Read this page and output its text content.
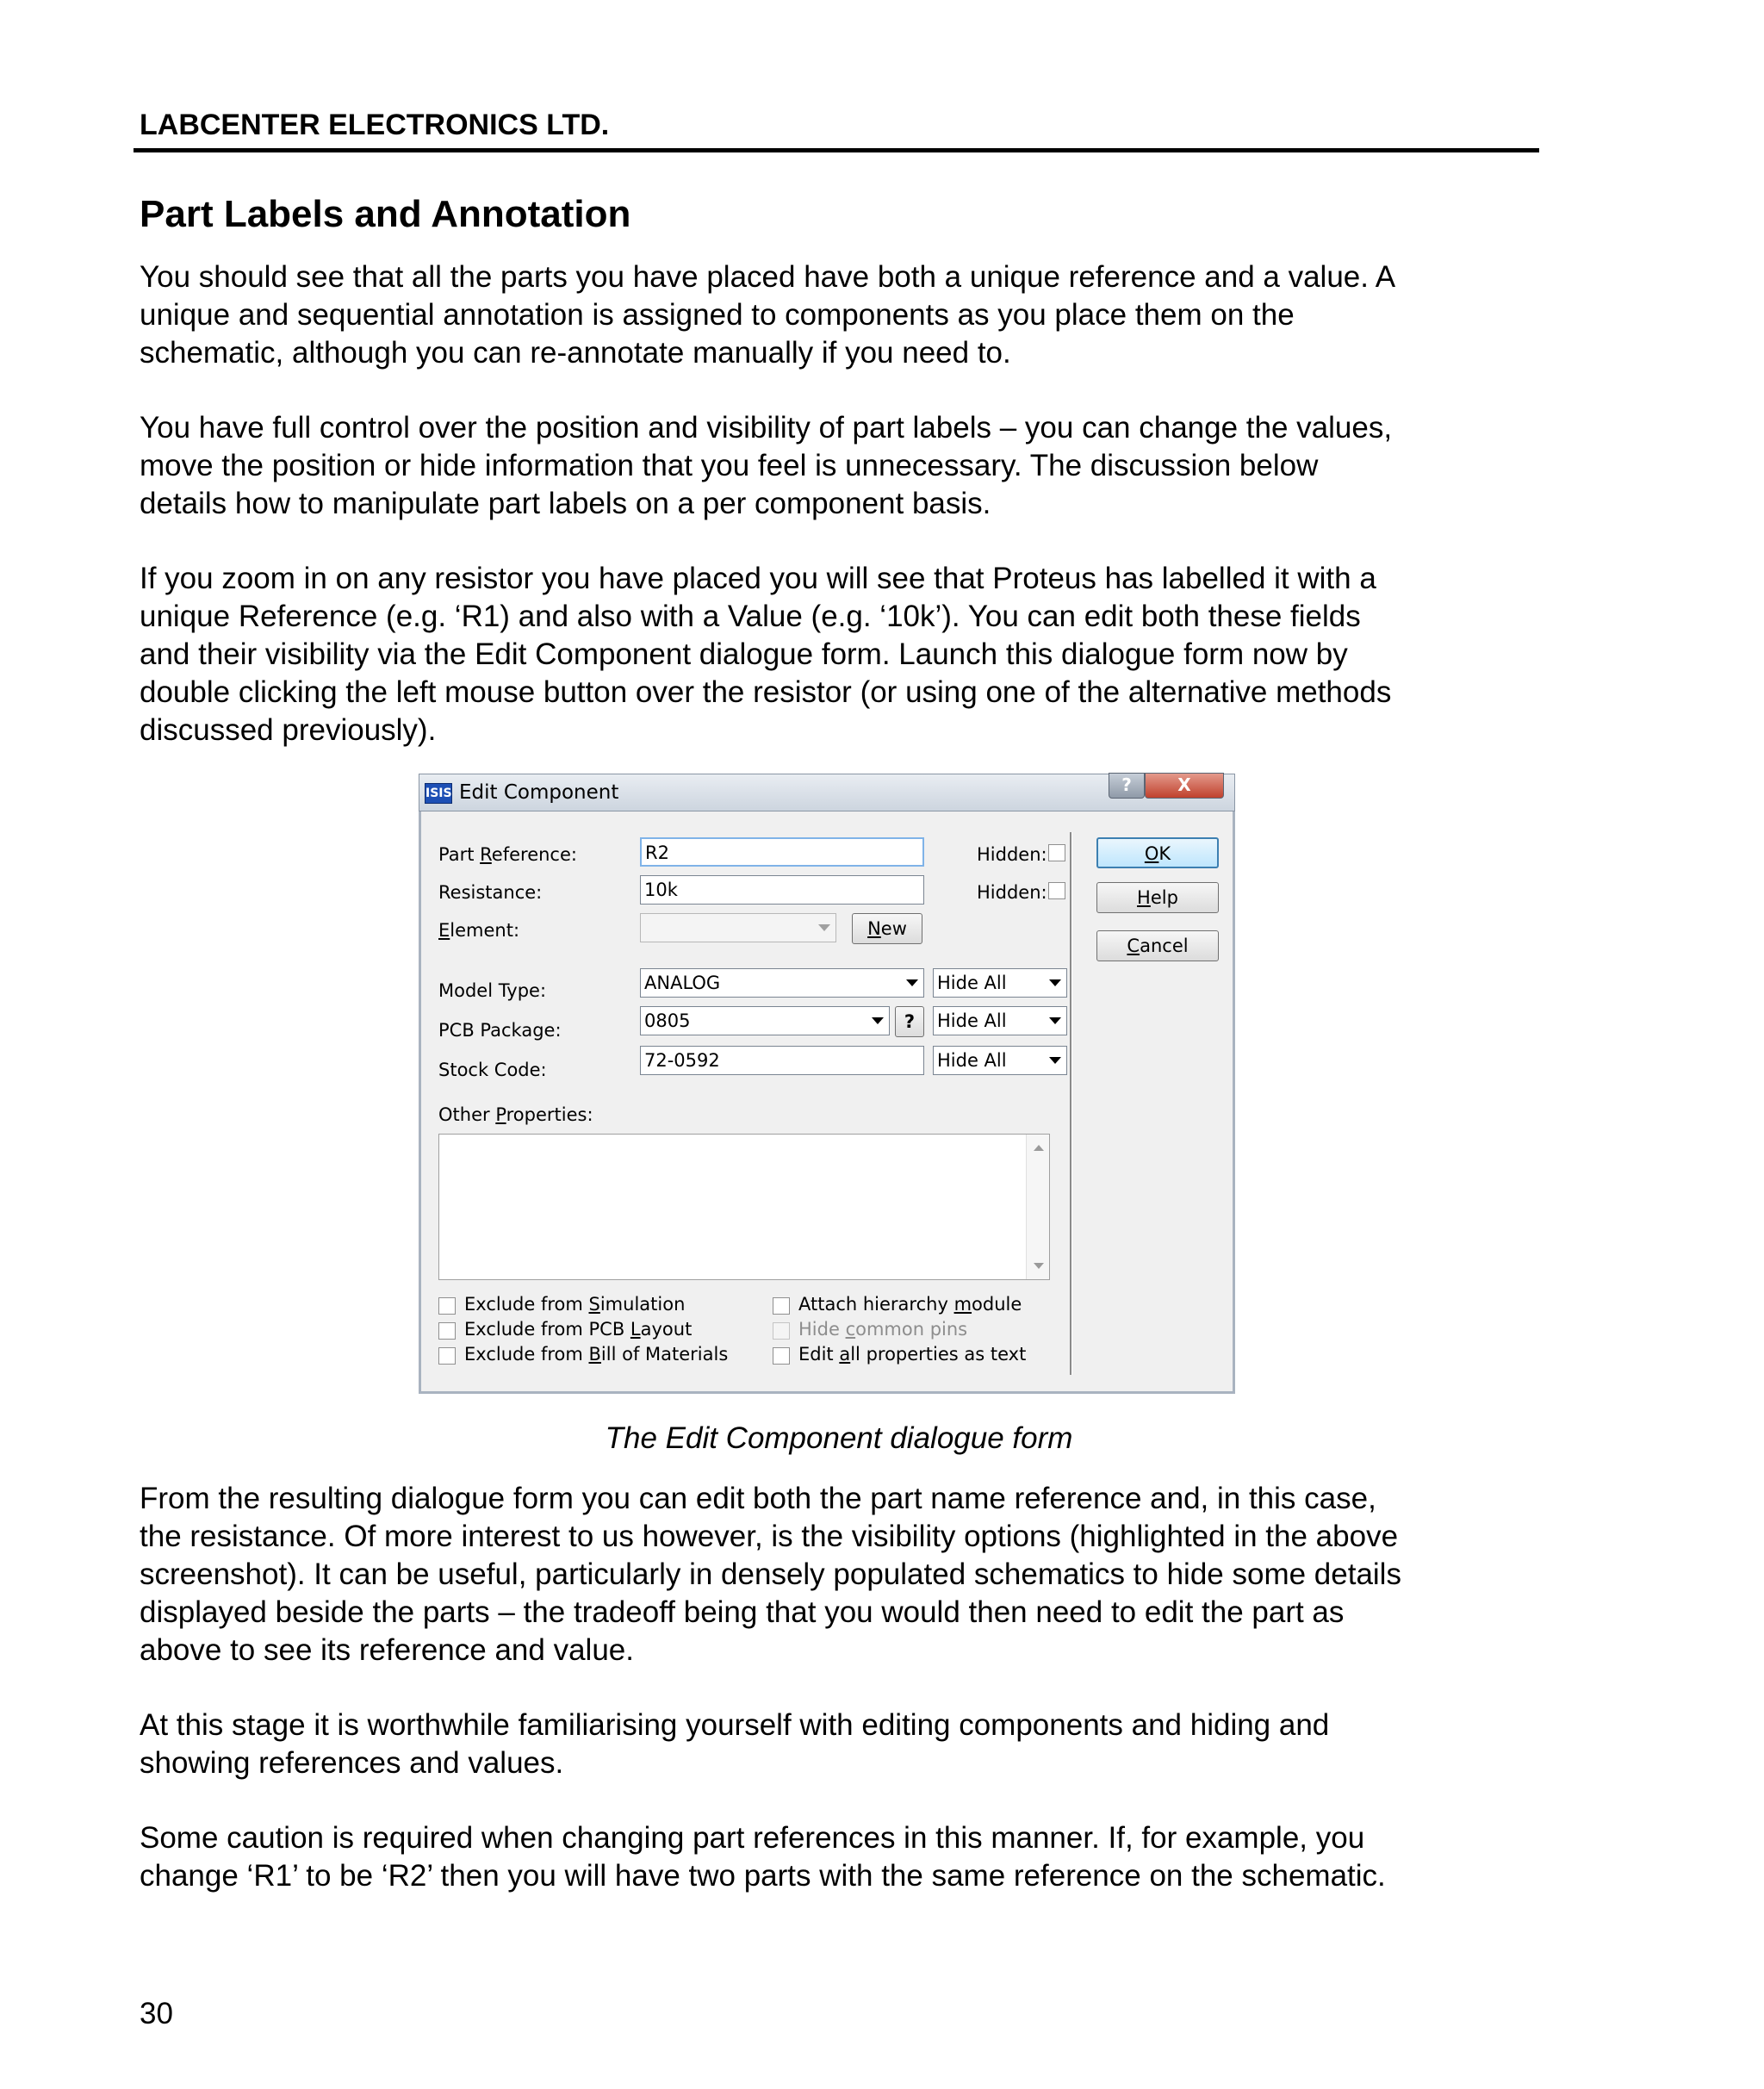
LABCENTER ELECTRONICS LTD.
Part Labels and Annotation

You should see that all the parts you have placed have both a unique reference and a value. A
unique and sequential annotation is assigned to components as you place them on the
schematic, although you can re-annotate manually if you need to.

You have full control over the position and visibility of part labels – you can change the values,
move the position or hide information that you feel is unnecessary. The discussion below
details how to manipulate part labels on a per component basis.

If you zoom in on any resistor you have placed you will see that Proteus has labelled it with a
unique Reference (e.g. ‘R1) and also with a Value (e.g. ‘10k’). You can edit both these fields
and their visibility via the Edit Component dialogue form. Launch this dialogue form now by
double clicking the left mouse button over the resistor (or using one of the alternative methods
discussed previously).

ISIS Edit Component	?	X
Part Reference:	R2	Hidden:
Resistance:	10k	Hidden:
Element:	New
Model Type:	ANALOG	Hide All
PCB Package:	0805	?	Hide All
Stock Code:	72-0592	Hide All
Other Properties:
Exclude from Simulation
Exclude from PCB Layout
Exclude from Bill of Materials
Attach hierarchy module
Hide common pins
Edit all properties as text
OK
Help
Cancel
The Edit Component dialogue form

From the resulting dialogue form you can edit both the part name reference and, in this case,
the resistance. Of more interest to us however, is the visibility options (highlighted in the above
screenshot). It can be useful, particularly in densely populated schematics to hide some details
displayed beside the parts – the tradeoff being that you would then need to edit the part as
above to see its reference and value.

At this stage it is worthwhile familiarising yourself with editing components and hiding and
showing references and values.

Some caution is required when changing part references in this manner. If, for example, you
change ‘R1’ to be ‘R2’ then you will have two parts with the same reference on the schematic.

30
